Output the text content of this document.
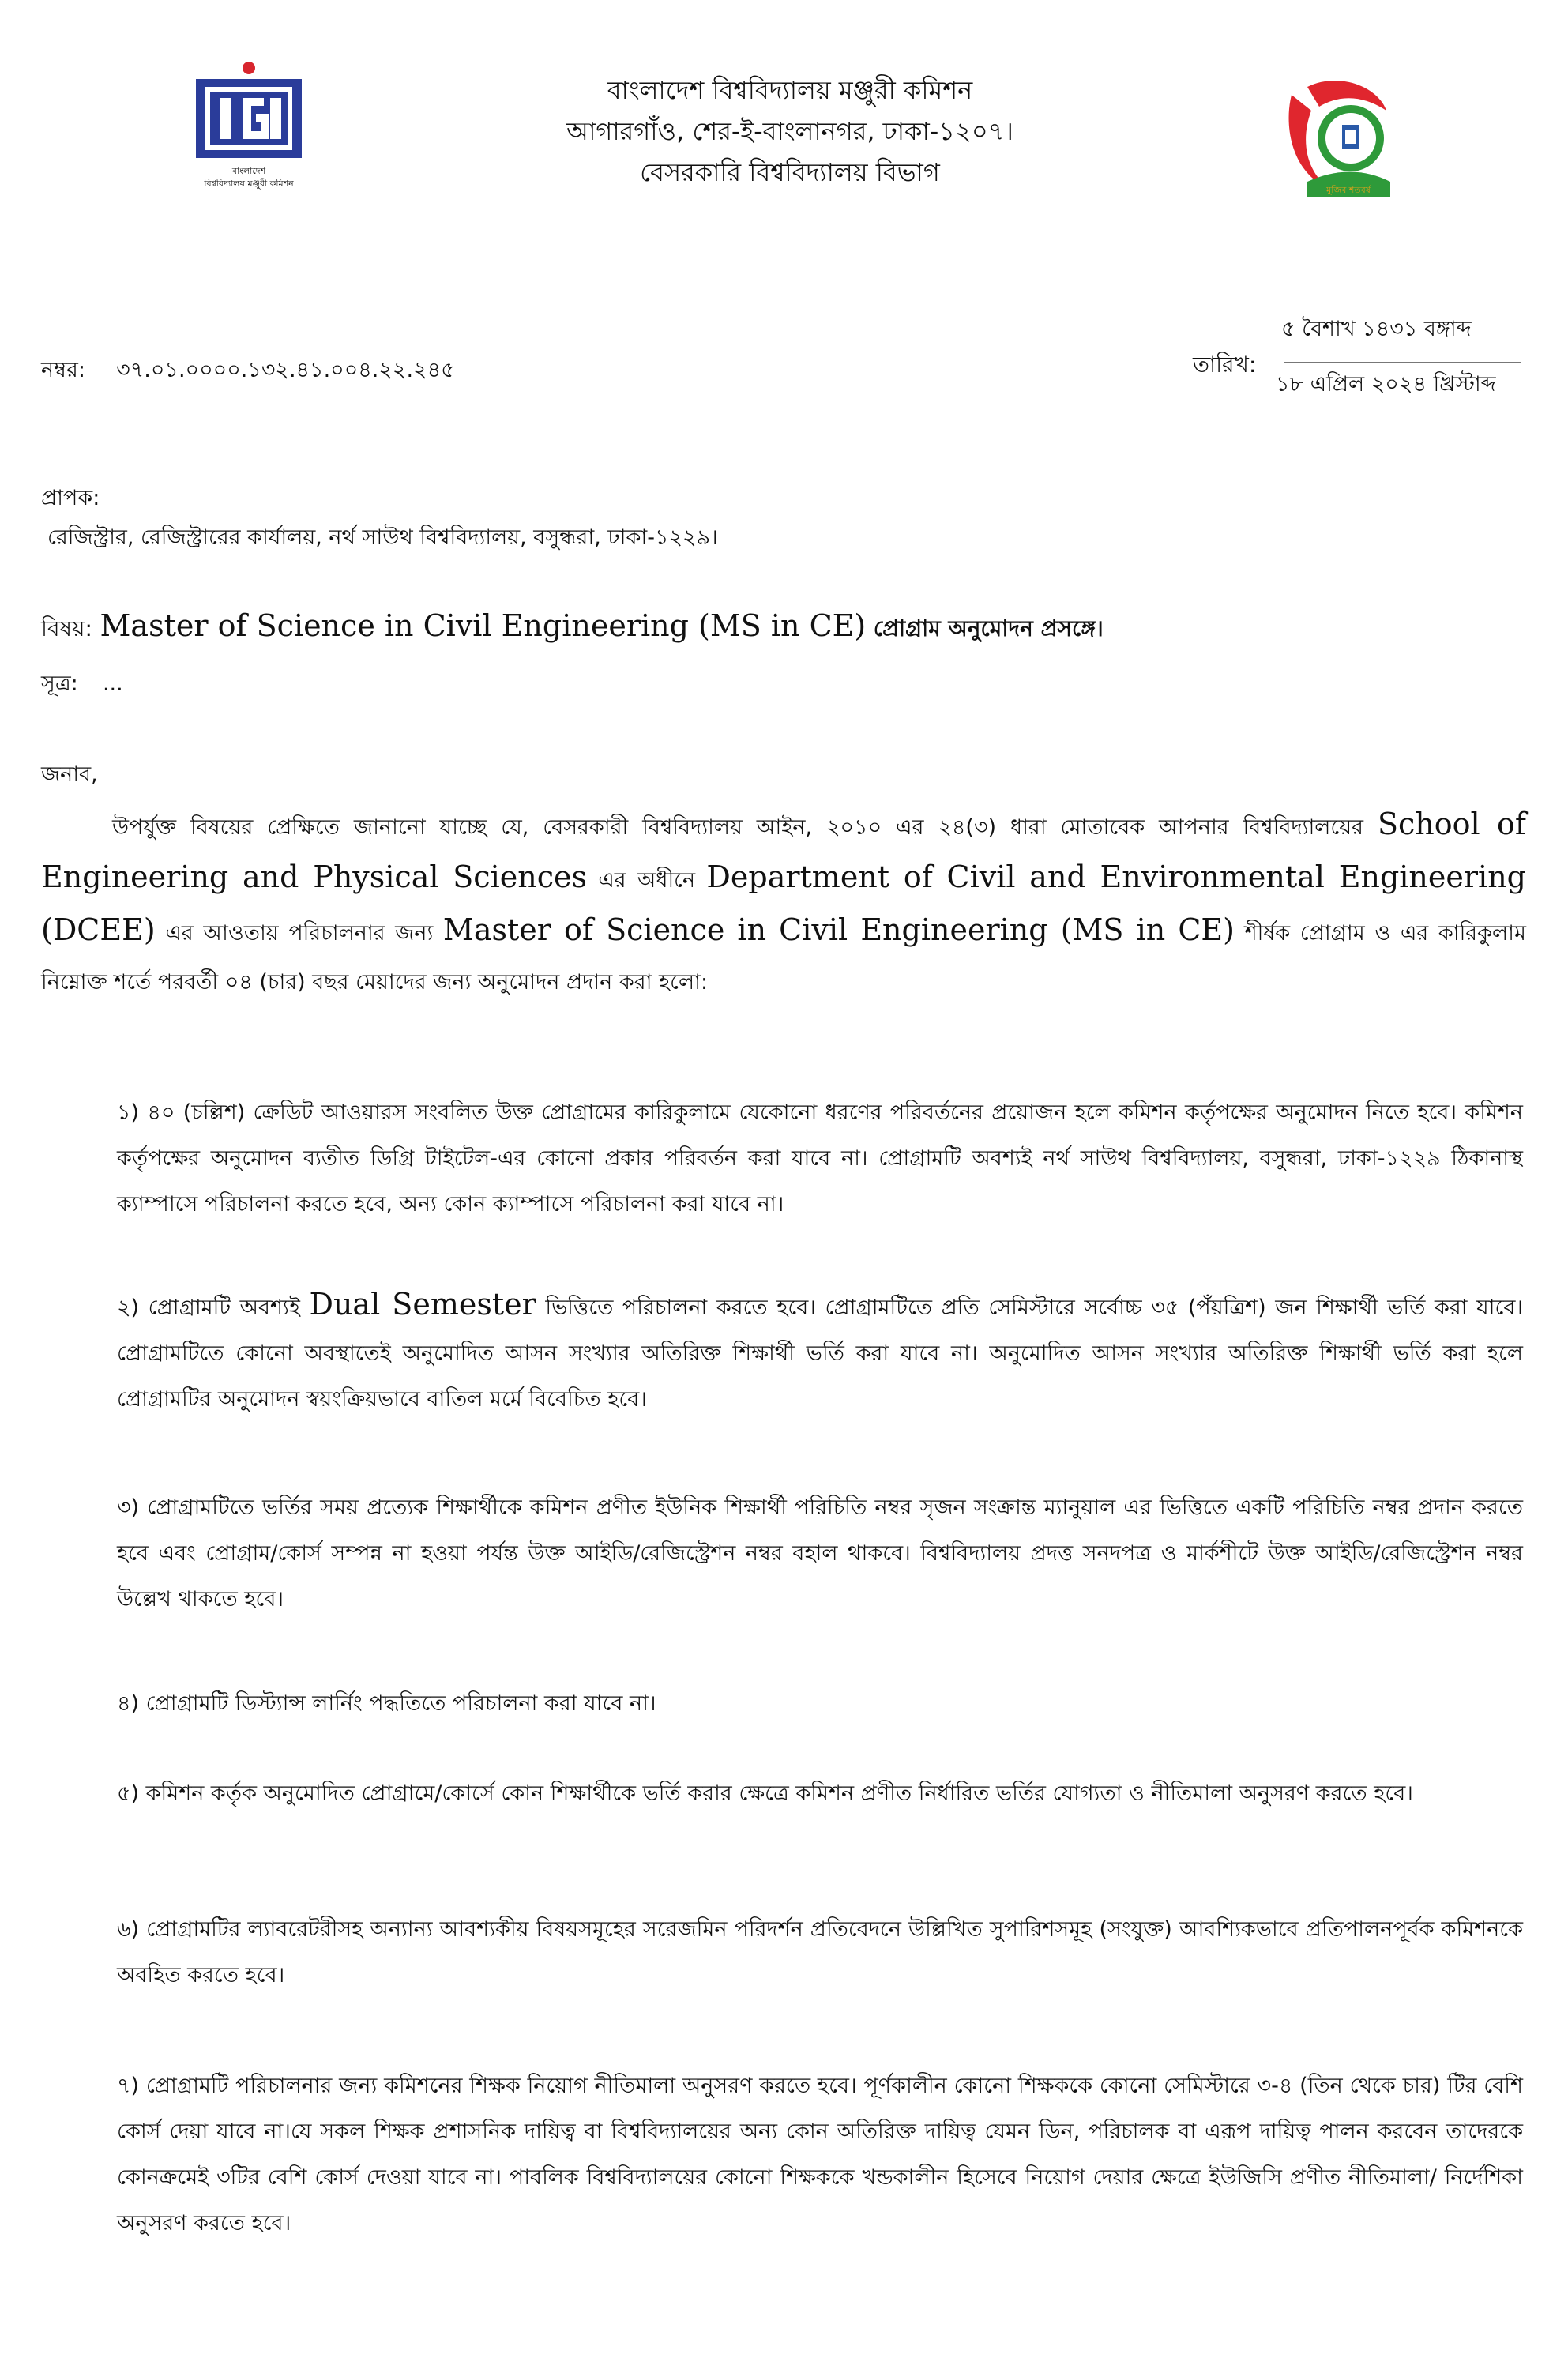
বাংলাদেশ
বিশ্ববিদ্যালয় মঞ্জুরী কমিশন
বাংলাদেশ বিশ্ববিদ্যালয় মঞ্জুরী কমিশন
আগারগাঁও, শের-ই-বাংলানগর, ঢাকা-১২০৭।
বেসরকারি বিশ্ববিদ্যালয় বিভাগ
মুজিব শতবর্ষ
নম্বর: ৩৭.০১.০০০০.১৩২.৪১.০০৪.২২.২৪৫	তারিখ:
৫ বৈশাখ ১৪৩১ বঙ্গাব্দ
১৮ এপ্রিল ২০২৪ খ্রিস্টাব্দ
প্রাপক:
রেজিস্ট্রার, রেজিস্ট্রারের কার্যালয়, নর্থ সাউথ বিশ্ববিদ্যালয়, বসুন্ধরা, ঢাকা-১২২৯।
বিষয়: Master of Science in Civil Engineering (MS in CE) প্রোগ্রাম অনুমোদন প্রসঙ্গে।
সূত্র: ...
জনাব,
উপর্যুক্ত বিষয়ের প্রেক্ষিতে জানানো যাচ্ছে যে, বেসরকারী বিশ্ববিদ্যালয় আইন, ২০১০ এর ২৪(৩) ধারা মোতাবেক আপনার বিশ্ববিদ্যালয়ের School of Engineering and Physical Sciences এর অধীনে Department of Civil and Environmental Engineering (DCEE) এর আওতায় পরিচালনার জন্য Master of Science in Civil Engineering (MS in CE) শীর্ষক প্রোগ্রাম ও এর কারিকুলাম নিম্নোক্ত শর্তে পরবর্তী ০৪ (চার) বছর মেয়াদের জন্য অনুমোদন প্রদান করা হলো:
১) ৪০ (চল্লিশ) ক্রেডিট আওয়ারস সংবলিত উক্ত প্রোগ্রামের কারিকুলামে যেকোনো ধরণের পরিবর্তনের প্রয়োজন হলে কমিশন কর্তৃপক্ষের অনুমোদন নিতে হবে। কমিশন কর্তৃপক্ষের অনুমোদন ব্যতীত ডিগ্রি টাইটেল-এর কোনো প্রকার পরিবর্তন করা যাবে না। প্রোগ্রামটি অবশ্যই নর্থ সাউথ বিশ্ববিদ্যালয়, বসুন্ধরা, ঢাকা-১২২৯ ঠিকানাস্থ ক্যাম্পাসে পরিচালনা করতে হবে, অন্য কোন ক্যাম্পাসে পরিচালনা করা যাবে না।
২) প্রোগ্রামটি অবশ্যই Dual Semester ভিত্তিতে পরিচালনা করতে হবে। প্রোগ্রামটিতে প্রতি সেমিস্টারে সর্বোচ্চ ৩৫ (পঁয়ত্রিশ) জন শিক্ষার্থী ভর্তি করা যাবে। প্রোগ্রামটিতে কোনো অবস্থাতেই অনুমোদিত আসন সংখ্যার অতিরিক্ত শিক্ষার্থী ভর্তি করা যাবে না। অনুমোদিত আসন সংখ্যার অতিরিক্ত শিক্ষার্থী ভর্তি করা হলে প্রোগ্রামটির অনুমোদন স্বয়ংক্রিয়ভাবে বাতিল মর্মে বিবেচিত হবে।
৩) প্রোগ্রামটিতে ভর্তির সময় প্রত্যেক শিক্ষার্থীকে কমিশন প্রণীত ইউনিক শিক্ষার্থী পরিচিতি নম্বর সৃজন সংক্রান্ত ম্যানুয়াল এর ভিত্তিতে একটি পরিচিতি নম্বর প্রদান করতে হবে এবং প্রোগ্রাম/কোর্স সম্পন্ন না হওয়া পর্যন্ত উক্ত আইডি/রেজিস্ট্রেশন নম্বর বহাল থাকবে। বিশ্ববিদ্যালয় প্রদত্ত সনদপত্র ও মার্কশীটে উক্ত আইডি/রেজিস্ট্রেশন নম্বর উল্লেখ থাকতে হবে।
৪) প্রোগ্রামটি ডিস্ট্যান্স লার্নিং পদ্ধতিতে পরিচালনা করা যাবে না।
৫) কমিশন কর্তৃক অনুমোদিত প্রোগ্রামে/কোর্সে কোন শিক্ষার্থীকে ভর্তি করার ক্ষেত্রে কমিশন প্রণীত নির্ধারিত ভর্তির যোগ্যতা ও নীতিমালা অনুসরণ করতে হবে।
৬) প্রোগ্রামটির ল্যাবরেটরীসহ অন্যান্য আবশ্যকীয় বিষয়সমূহের সরেজমিন পরিদর্শন প্রতিবেদনে উল্লিখিত সুপারিশসমূহ (সংযুক্ত) আবশ্যিকভাবে প্রতিপালনপূর্বক কমিশনকে অবহিত করতে হবে।
৭) প্রোগ্রামটি পরিচালনার জন্য কমিশনের শিক্ষক নিয়োগ নীতিমালা অনুসরণ করতে হবে। পূর্ণকালীন কোনো শিক্ষককে কোনো সেমিস্টারে ৩-৪ (তিন থেকে চার) টির বেশি কোর্স দেয়া যাবে না।যে সকল শিক্ষক প্রশাসনিক দায়িত্ব বা বিশ্ববিদ্যালয়ের অন্য কোন অতিরিক্ত দায়িত্ব যেমন ডিন, পরিচালক বা এরূপ দায়িত্ব পালন করবেন তাদেরকে কোনক্রমেই ৩টির বেশি কোর্স দেওয়া যাবে না। পাবলিক বিশ্ববিদ্যালয়ের কোনো শিক্ষককে খন্ডকালীন হিসেবে নিয়োগ দেয়ার ক্ষেত্রে ইউজিসি প্রণীত নীতিমালা/ নির্দেশিকা অনুসরণ করতে হবে।
